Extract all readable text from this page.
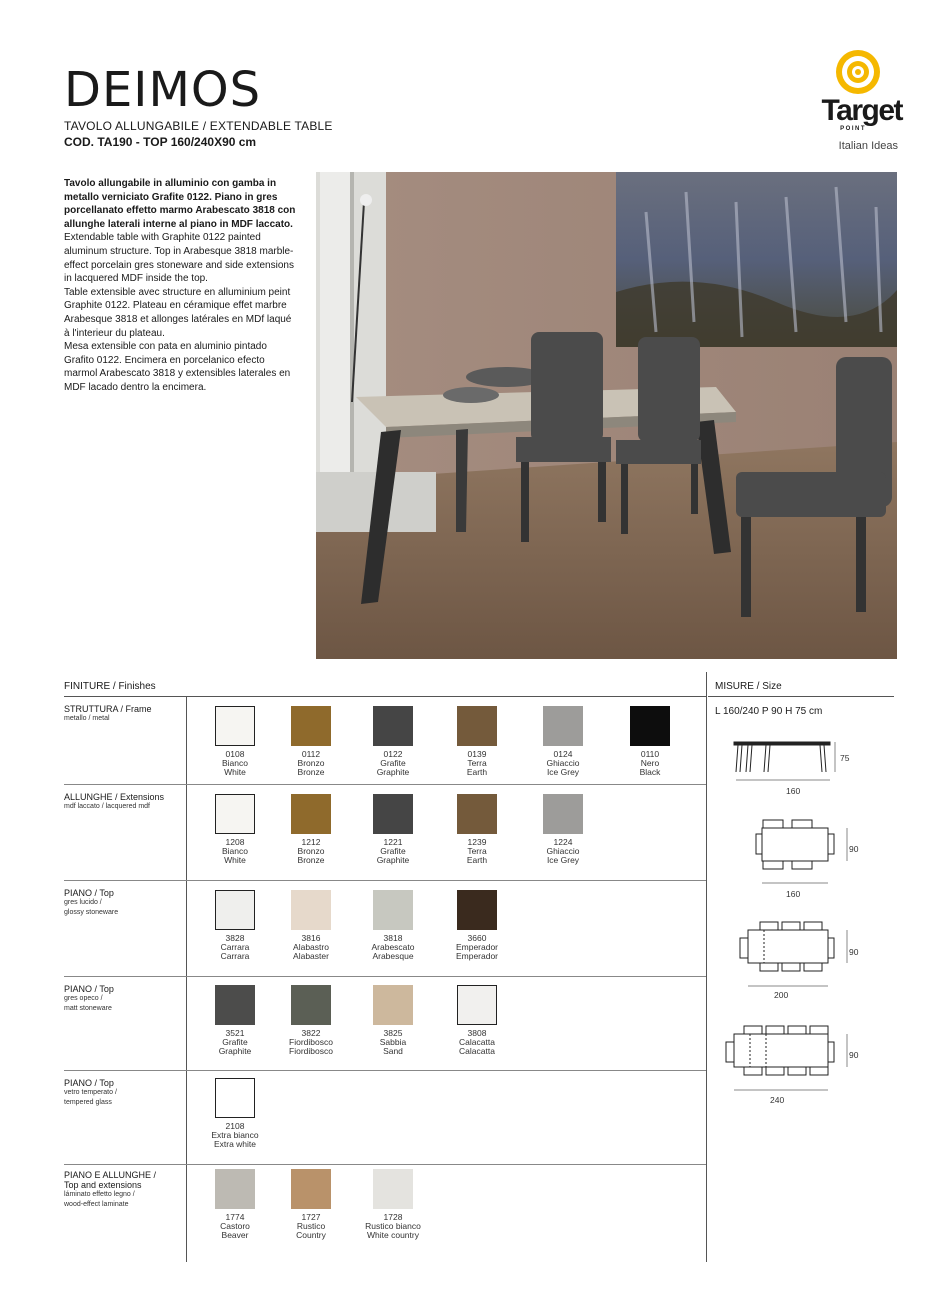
DEIMOS
TAVOLO ALLUNGABILE / EXTENDABLE TABLE
COD. TA190 - TOP 160/240X90 cm
Target
POINT
Italian Ideas

Tavolo allungabile in alluminio con gamba in metallo verniciato Grafite 0122. Piano in gres porcellanato effetto marmo Arabescato 3818 con allunghe laterali interne al piano in MDF laccato.

Extendable table with Graphite 0122 painted aluminum structure. Top in Arabesque 3818 marble-effect porcelain gres stoneware and side extensions in lacquered MDF inside the top.

Table extensible avec structure en alluminium peint Graphite 0122. Plateau en céramique effet marbre Arabesque 3818 et allonges latérales en MDf laqué à l'interieur du plateau.

Mesa extensible con pata en aluminio pintado Grafito 0122. Encimera en porcelanico efecto marmol Arabescato 3818 y extensibles laterales en MDF lacado dentro la encimera.

FINITURE / Finishes	MISURE / Size
STRUTTURA / Frame
metallo / metal
ALLUNGHE / Extensions
mdf laccato / lacquered mdf
PIANO / Top
gres lucido /
glossy stoneware
PIANO / Top
gres opeco /
matt stoneware
PIANO / Top
vetro temperato /
tempered glass
PIANO E ALLUNGHE /
Top and extensions
láminato effetto legno /
wood-effect laminate
0108
Bianco
White
0112
Bronzo
Bronze
0122
Grafite
Graphite
0139
Terra
Earth
0124
Ghiaccio
Ice Grey
0110
Nero
Black
1208
Bianco
White
1212
Bronzo
Bronze
1221
Grafite
Graphite
1239
Terra
Earth
1224
Ghiaccio
Ice Grey
3828
Carrara
Carrara
3816
Alabastro
Alabaster
3818
Arabescato
Arabesque
3660
Emperador
Emperador
3521
Grafite
Graphite
3822
Fiordibosco
Fiordibosco
3825
Sabbia
Sand
3808
Calacatta
Calacatta
2108
Extra bianco
Extra white
1774
Castoro
Beaver
1727
Rustico
Country
1728
Rustico bianco
White country
L 160/240 P 90 H 75 cm
75
160
90
160
90
200
90
240
